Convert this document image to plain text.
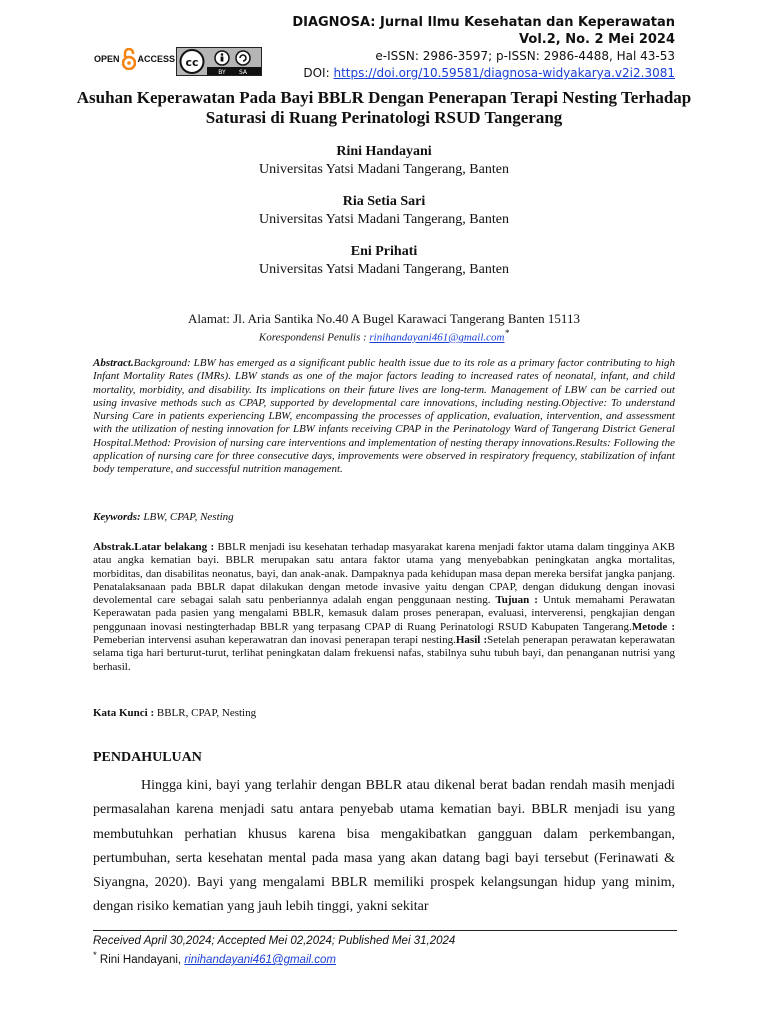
OPEN ACCESS cc
BY SA
DIAGNOSA: Jurnal Ilmu Kesehatan dan Keperawatan
Vol.2, No. 2 Mei 2024
e-ISSN: 2986-3597; p-ISSN: 2986-4488, Hal 43-53
DOI: https://doi.org/10.59581/diagnosa-widyakarya.v2i2.3081
Asuhan Keperawatan Pada Bayi BBLR Dengan Penerapan Terapi Nesting Terhadap Saturasi di Ruang Perinatologi RSUD Tangerang
Rini Handayani
Universitas Yatsi Madani Tangerang, Banten
Ria Setia Sari
Universitas Yatsi Madani Tangerang, Banten
Eni Prihati
Universitas Yatsi Madani Tangerang, Banten
Alamat: Jl. Aria Santika No.40 A Bugel Karawaci Tangerang Banten 15113
Korespondensi Penulis : rinihandayani461@gmail.com*
Abstract.Background: LBW has emerged as a significant public health issue due to its role as a primary factor contributing to high Infant Mortality Rates (IMRs). LBW stands as one of the major factors leading to increased rates of neonatal, infant, and child mortality, morbidity, and disability. Its implications on their future lives are long-term. Management of LBW can be carried out using invasive methods such as CPAP, supported by developmental care innovations, including nesting.Objective: To understand Nursing Care in patients experiencing LBW, encompassing the processes of application, evaluation, intervention, and assessment with the utilization of nesting innovation for LBW infants receiving CPAP in the Perinatology Ward of Tangerang District General Hospital.Method: Provision of nursing care interventions and implementation of nesting therapy innovations.Results: Following the application of nursing care for three consecutive days, improvements were observed in respiratory frequency, stabilization of infant body temperature, and successful nutrition management.
Keywords: LBW, CPAP, Nesting
Abstrak.Latar belakang : BBLR menjadi isu kesehatan terhadap masyarakat karena menjadi faktor utama dalam tingginya AKB atau angka kematian bayi. BBLR merupakan satu antara faktor utama yang menyebabkan peningkatan angka mortalitas, morbiditas, dan disabilitas neonatus, bayi, dan anak-anak. Dampaknya pada kehidupan masa depan mereka bersifat jangka panjang. Penatalaksanaan pada BBLR dapat dilakukan dengan metode invasive yaitu dengan CPAP, dengan didukung dengan inovasi devolemental care sebagai salah satu penberiannya adalah engan penggunaan nesting. Tujuan : Untuk memahami Perawatan Keperawatan pada pasien yang mengalami BBLR, kemasuk dalam proses penerapan, evaluasi, interverensi, pengkajian dengan penggunaan inovasi nestingterhadap BBLR yang terpasang CPAP di Ruang Perinatologi RSUD Kabupaten Tangerang.Metode : Pemeberian intervensi asuhan keperawatran dan inovasi penerapan terapi nesting.Hasil :Setelah penerapan perawatan keperawatan selama tiga hari berturut-turut, terlihat peningkatan dalam frekuensi nafas, stabilnya suhu tubuh bayi, dan penanganan nutrisi yang berhasil.
Kata Kunci : BBLR, CPAP, Nesting
PENDAHULUAN
Hingga kini, bayi yang terlahir dengan BBLR atau dikenal berat badan rendah masih menjadi permasalahan karena menjadi satu antara penyebab utama kematian bayi. BBLR menjadi isu yang membutuhkan perhatian khusus karena bisa mengakibatkan gangguan dalam perkembangan, pertumbuhan, serta kesehatan mental pada masa yang akan datang bagi bayi tersebut (Ferinawati & Siyangna, 2020). Bayi yang mengalami BBLR memiliki prospek kelangsungan hidup yang minim, dengan risiko kematian yang jauh lebih tinggi, yakni sekitar
Received April 30,2024; Accepted Mei 02,2024; Published Mei 31,2024
* Rini Handayani, rinihandayani461@gmail.com
